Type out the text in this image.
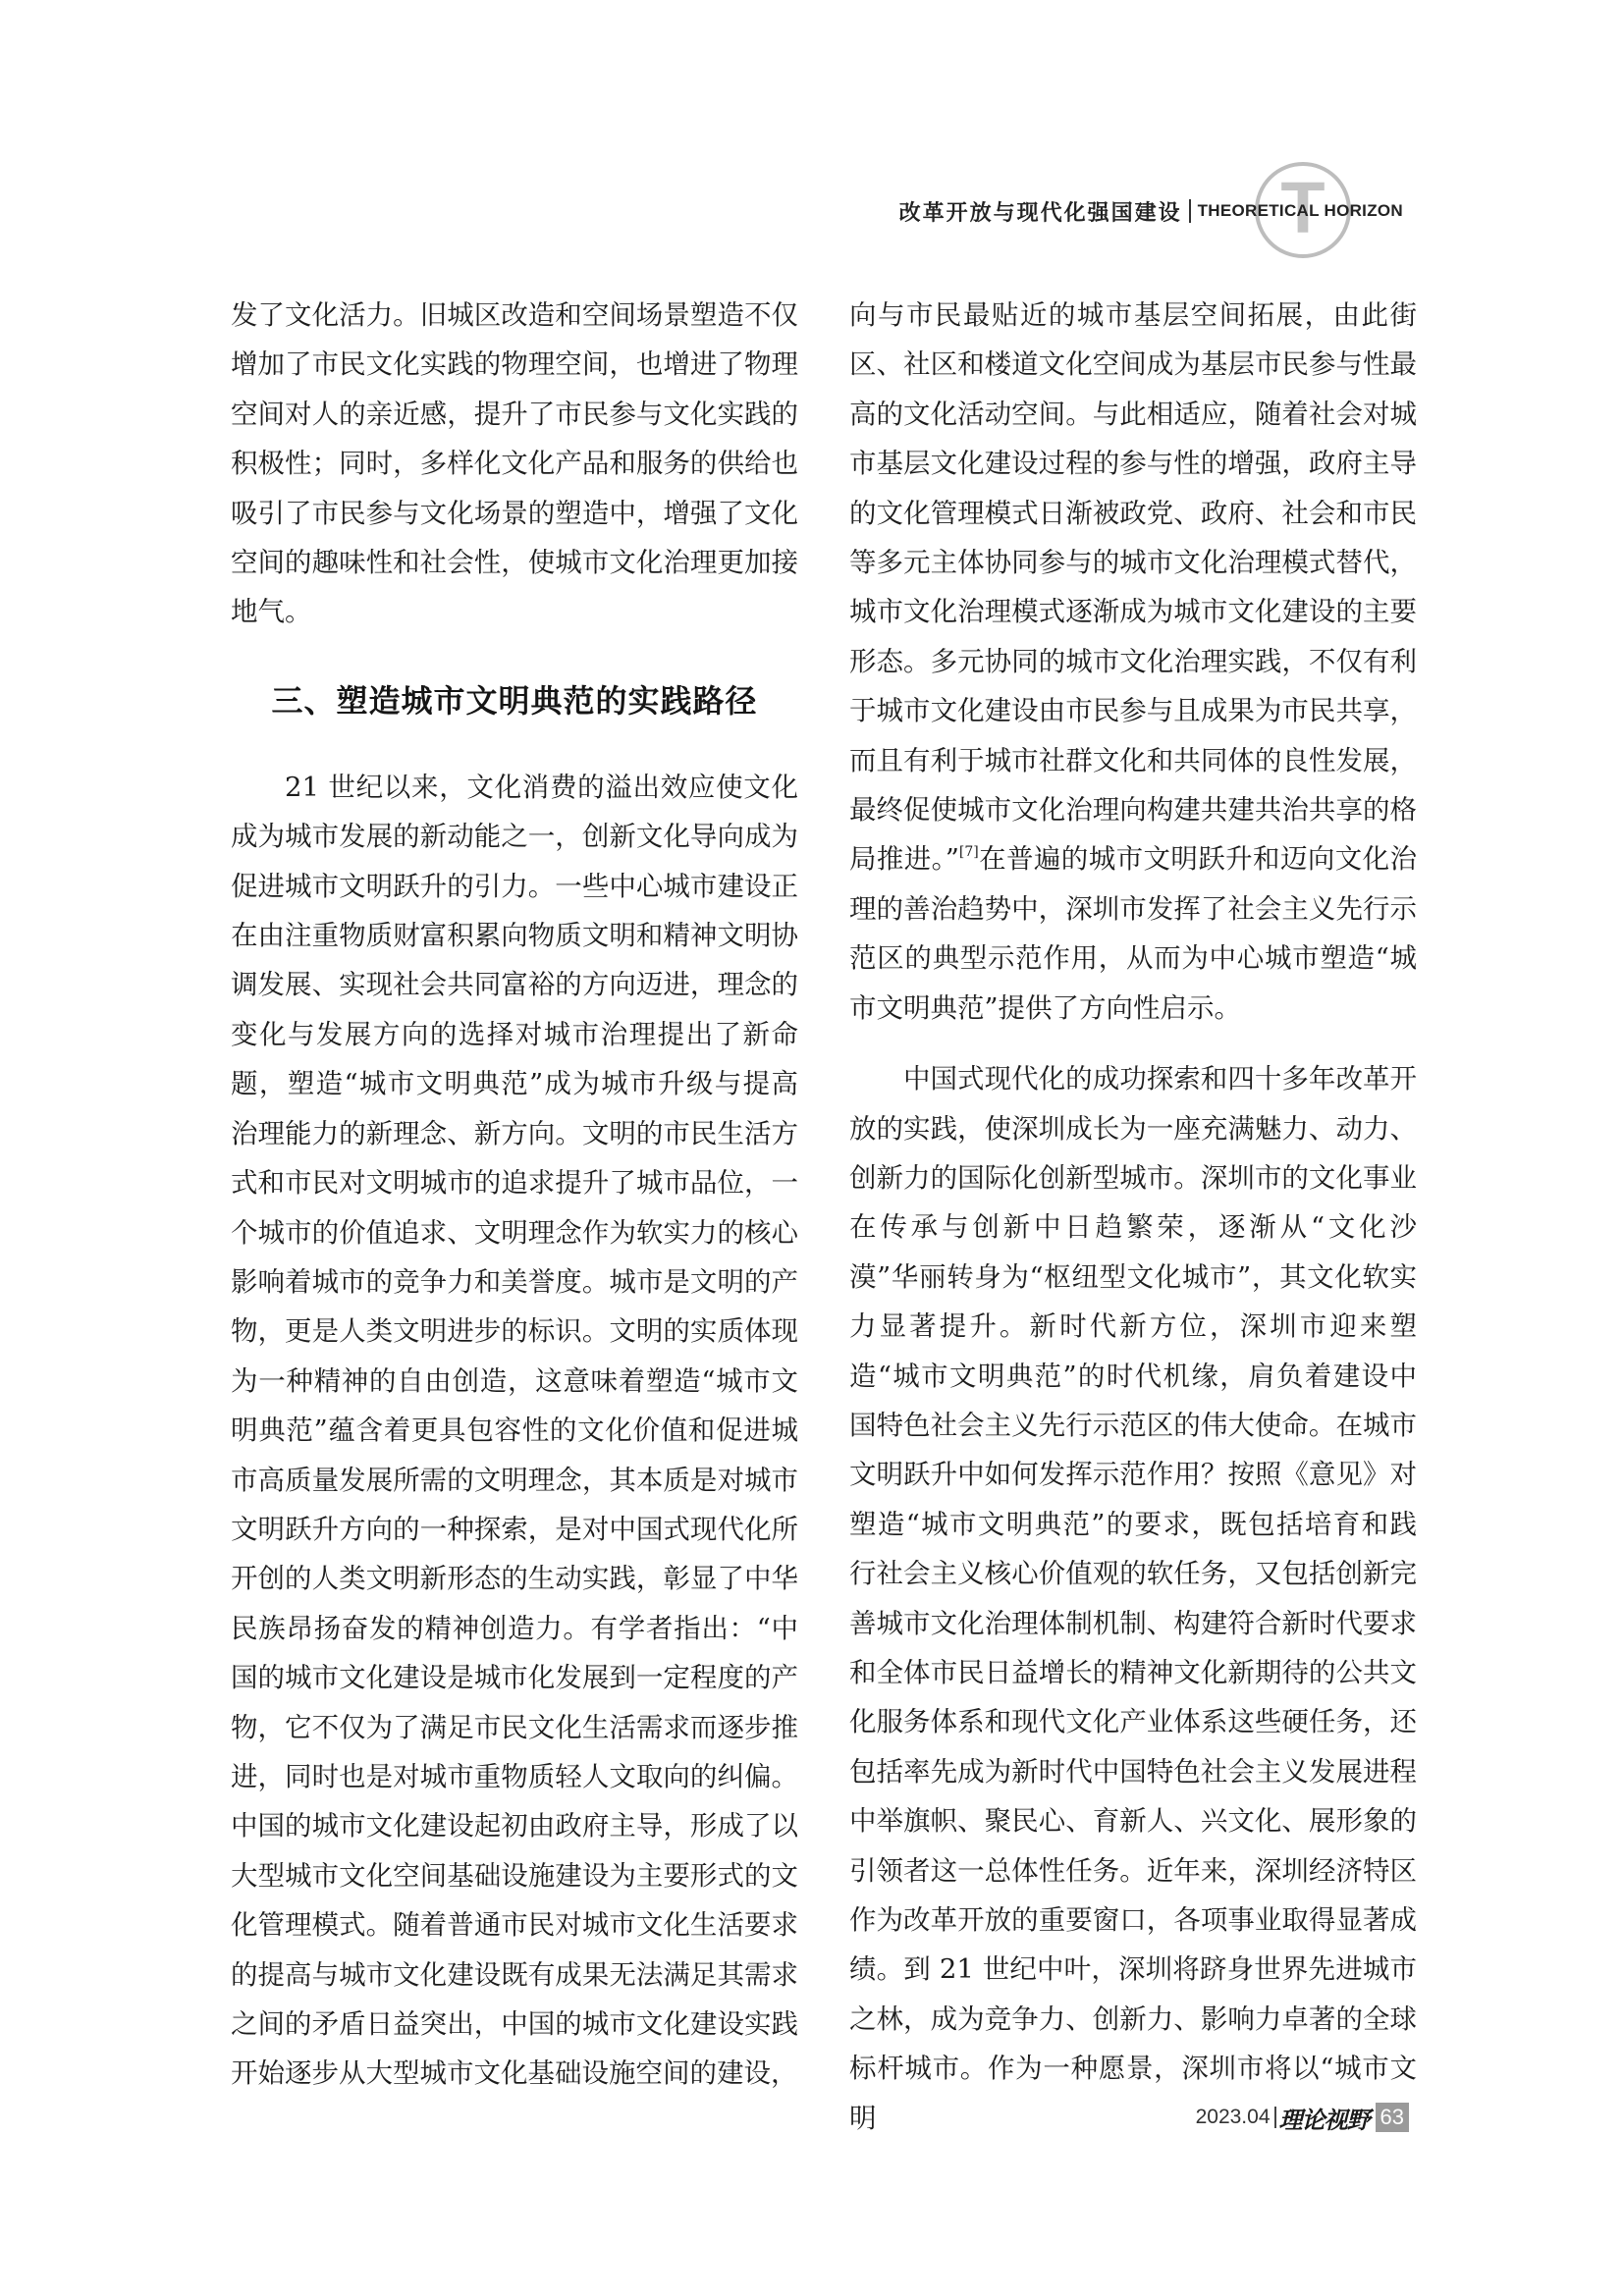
T
改革开放与现代化强国建设 THEORETICAL HORIZON

发了文化活力。旧城区改造和空间场景塑造不仅增加了市民文化实践的物理空间，也增进了物理空间对人的亲近感，提升了市民参与文化实践的积极性；同时，多样化文化产品和服务的供给也吸引了市民参与文化场景的塑造中，增强了文化空间的趣味性和社会性，使城市文化治理更加接地气。

三、塑造城市文明典范的实践路径

21 世纪以来，文化消费的溢出效应使文化成为城市发展的新动能之一，创新文化导向成为促进城市文明跃升的引力。一些中心城市建设正在由注重物质财富积累向物质文明和精神文明协调发展、实现社会共同富裕的方向迈进，理念的变化与发展方向的选择对城市治理提出了新命题，塑造“城市文明典范”成为城市升级与提高治理能力的新理念、新方向。文明的市民生活方式和市民对文明城市的追求提升了城市品位，一个城市的价值追求、文明理念作为软实力的核心影响着城市的竞争力和美誉度。城市是文明的产物，更是人类文明进步的标识。文明的实质体现为一种精神的自由创造，这意味着塑造“城市文明典范”蕴含着更具包容性的文化价值和促进城市高质量发展所需的文明理念，其本质是对城市文明跃升方向的一种探索，是对中国式现代化所开创的人类文明新形态的生动实践，彰显了中华民族昂扬奋发的精神创造力。有学者指出：“中国的城市文化建设是城市化发展到一定程度的产物，它不仅为了满足市民文化生活需求而逐步推进，同时也是对城市重物质轻人文取向的纠偏。中国的城市文化建设起初由政府主导，形成了以大型城市文化空间基础设施建设为主要形式的文化管理模式。随着普通市民对城市文化生活要求的提高与城市文化建设既有成果无法满足其需求之间的矛盾日益突出，中国的城市文化建设实践开始逐步从大型城市文化基础设施空间的建设，

向与市民最贴近的城市基层空间拓展，由此街区、社区和楼道文化空间成为基层市民参与性最高的文化活动空间。与此相适应，随着社会对城市基层文化建设过程的参与性的增强，政府主导的文化管理模式日渐被政党、政府、社会和市民等多元主体协同参与的城市文化治理模式替代，城市文化治理模式逐渐成为城市文化建设的主要形态。多元协同的城市文化治理实践，不仅有利于城市文化建设由市民参与且成果为市民共享，而且有利于城市社群文化和共同体的良性发展，最终促使城市文化治理向构建共建共治共享的格局推进。”[7]在普遍的城市文明跃升和迈向文化治理的善治趋势中，深圳市发挥了社会主义先行示范区的典型示范作用，从而为中心城市塑造“城市文明典范”提供了方向性启示。

中国式现代化的成功探索和四十多年改革开放的实践，使深圳成长为一座充满魅力、动力、创新力的国际化创新型城市。深圳市的文化事业在传承与创新中日趋繁荣，逐渐从“文化沙漠”华丽转身为“枢纽型文化城市”，其文化软实力显著提升。新时代新方位，深圳市迎来塑造“城市文明典范”的时代机缘，肩负着建设中国特色社会主义先行示范区的伟大使命。在城市文明跃升中如何发挥示范作用？按照《意见》对塑造“城市文明典范”的要求，既包括培育和践行社会主义核心价值观的软任务，又包括创新完善城市文化治理体制机制、构建符合新时代要求和全体市民日益增长的精神文化新期待的公共文化服务体系和现代文化产业体系这些硬任务，还包括率先成为新时代中国特色社会主义发展进程中举旗帜、聚民心、育新人、兴文化、展形象的引领者这一总体性任务。近年来，深圳经济特区作为改革开放的重要窗口，各项事业取得显著成绩。到 21 世纪中叶，深圳将跻身世界先进城市之林，成为竞争力、创新力、影响力卓著的全球标杆城市。作为一种愿景，深圳市将以“城市文明	2023.04 理论视野 63
